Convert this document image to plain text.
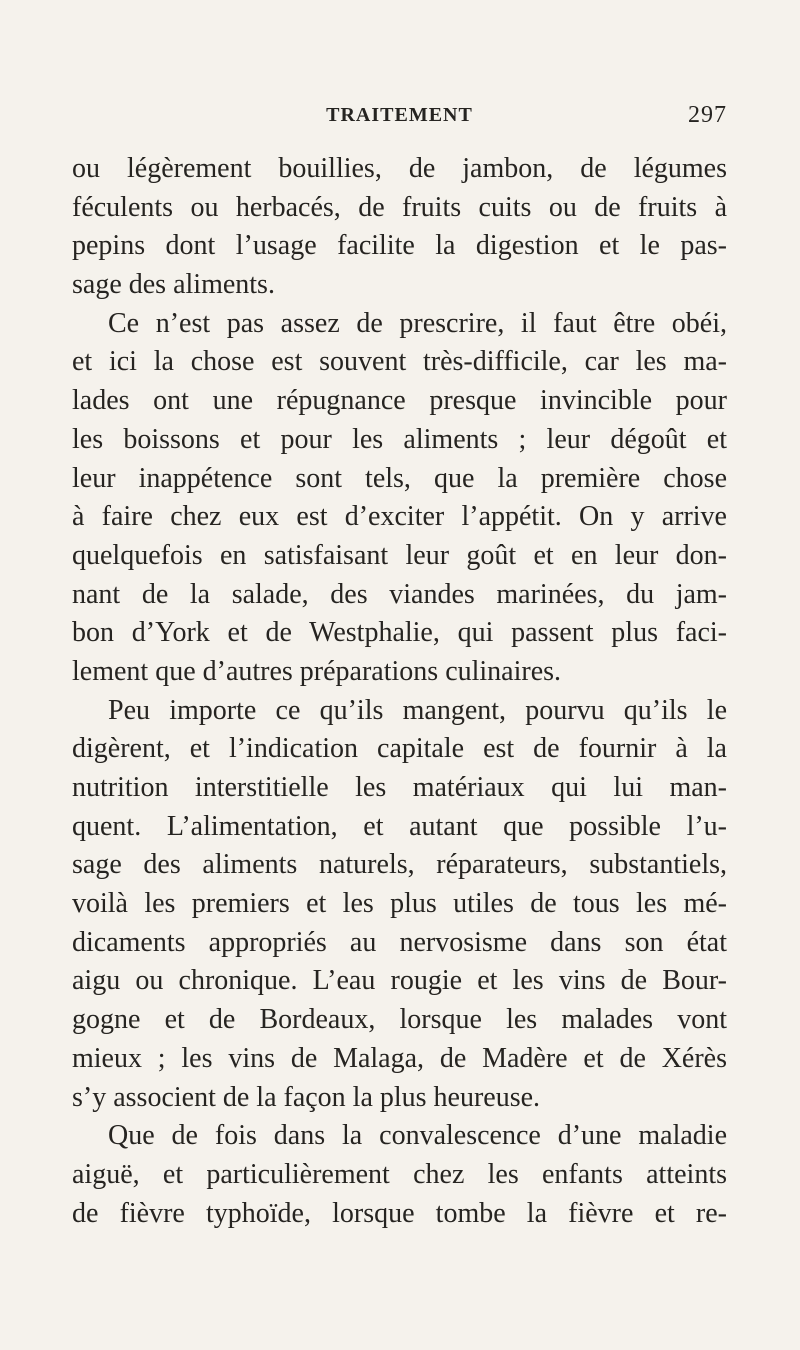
TRAITEMENT	297
ou légèrement bouillies, de jambon, de légumes
féculents ou herbacés, de fruits cuits ou de fruits à
pepins dont l’usage facilite la digestion et le pas-
sage des aliments.
Ce n’est pas assez de prescrire, il faut être obéi,
et ici la chose est souvent très-difficile, car les ma-
lades ont une répugnance presque invincible pour
les boissons et pour les aliments ; leur dégoût et
leur inappétence sont tels, que la première chose
à faire chez eux est d’exciter l’appétit. On y arrive
quelquefois en satisfaisant leur goût et en leur don-
nant de la salade, des viandes marinées, du jam-
bon d’York et de Westphalie, qui passent plus faci-
lement que d’autres préparations culinaires.
Peu importe ce qu’ils mangent, pourvu qu’ils le
digèrent, et l’indication capitale est de fournir à la
nutrition interstitielle les matériaux qui lui man-
quent. L’alimentation, et autant que possible l’u-
sage des aliments naturels, réparateurs, substantiels,
voilà les premiers et les plus utiles de tous les mé-
dicaments appropriés au nervosisme dans son état
aigu ou chronique. L’eau rougie et les vins de Bour-
gogne et de Bordeaux, lorsque les malades vont
mieux ; les vins de Malaga, de Madère et de Xérès
s’y associent de la façon la plus heureuse.
Que de fois dans la convalescence d’une maladie
aiguë, et particulièrement chez les enfants atteints
de fièvre typhoïde, lorsque tombe la fièvre et re-
